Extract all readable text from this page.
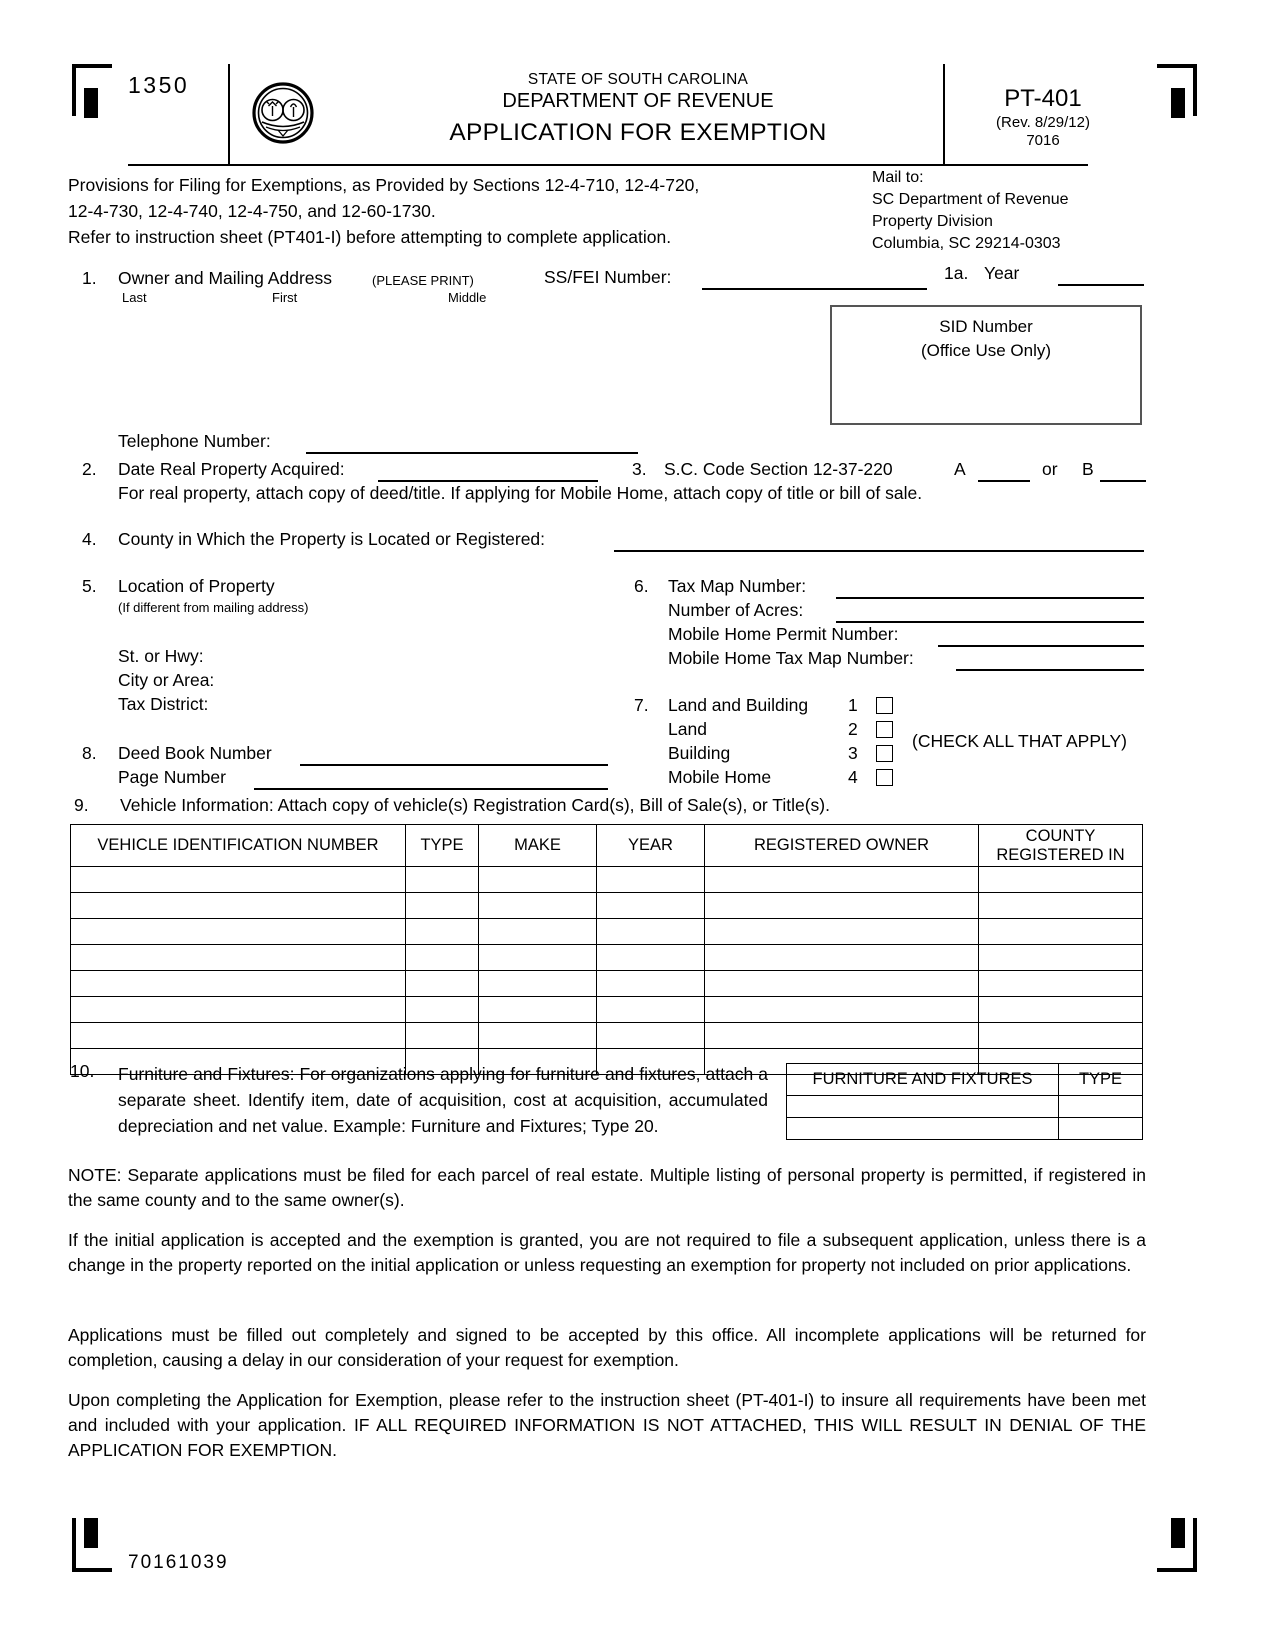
1350	STATE OF SOUTH CAROLINA
DEPARTMENT OF REVENUE
APPLICATION FOR EXEMPTION
PT-401
(Rev. 8/29/12)
7016
Provisions for Filing for Exemptions, as Provided by Sections 12-4-710, 12-4-720,
12-4-730, 12-4-740, 12-4-750, and 12-60-1730.
Refer to instruction sheet (PT401-I) before attempting to complete application.
Mail to:
SC Department of Revenue
Property Division
Columbia, SC 29214-0303
1. Owner and Mailing Address	(PLEASE PRINT)
Last	First	Middle
SS/FEI Number:	1a. Year
SID Number
(Office Use Only)
Telephone Number:
2. Date Real Property Acquired:	3. S.C. Code Section 12-37-220	A	or B
For real property, attach copy of deed/title. If applying for Mobile Home, attach copy of title or bill of sale.
4. County in Which the Property is Located or Registered:
5. Location of Property
(If different from mailing address)
St. or Hwy:
City or Area:
Tax District:
6. Tax Map Number:
Number of Acres:
Mobile Home Permit Number:
Mobile Home Tax Map Number:
7. Land and Building 1
Land	2
Building	3
Mobile Home	4
(CHECK ALL THAT APPLY)
8. Deed Book Number
Page Number
9. Vehicle Information: Attach copy of vehicle(s) Registration Card(s), Bill of Sale(s), or Title(s).
VEHICLE IDENTIFICATION NUMBER	TYPE	MAKE	YEAR	REGISTERED OWNER	COUNTY
REGISTERED IN

10. Furniture and Fixtures: For organizations applying for furniture and fixtures, attach a separate sheet. Identify item, date of acquisition, cost at acquisition, accumulated depreciation and net value. Example: Furniture and Fixtures; Type 20.
FURNITURE AND FIXTURES	TYPE

NOTE: Separate applications must be filed for each parcel of real estate. Multiple listing of personal property is permitted, if registered in the same county and to the same owner(s).
If the initial application is accepted and the exemption is granted, you are not required to file a subsequent application, unless there is a change in the property reported on the initial application or unless requesting an exemption for property not included on prior applications.
Applications must be filled out completely and signed to be accepted by this office. All incomplete applications will be returned for completion, causing a delay in our consideration of your request for exemption.
Upon completing the Application for Exemption, please refer to the instruction sheet (PT-401-I) to insure all requirements have been met and included with your application. IF ALL REQUIRED INFORMATION IS NOT ATTACHED, THIS WILL RESULT IN DENIAL OF THE APPLICATION FOR EXEMPTION.
70161039
